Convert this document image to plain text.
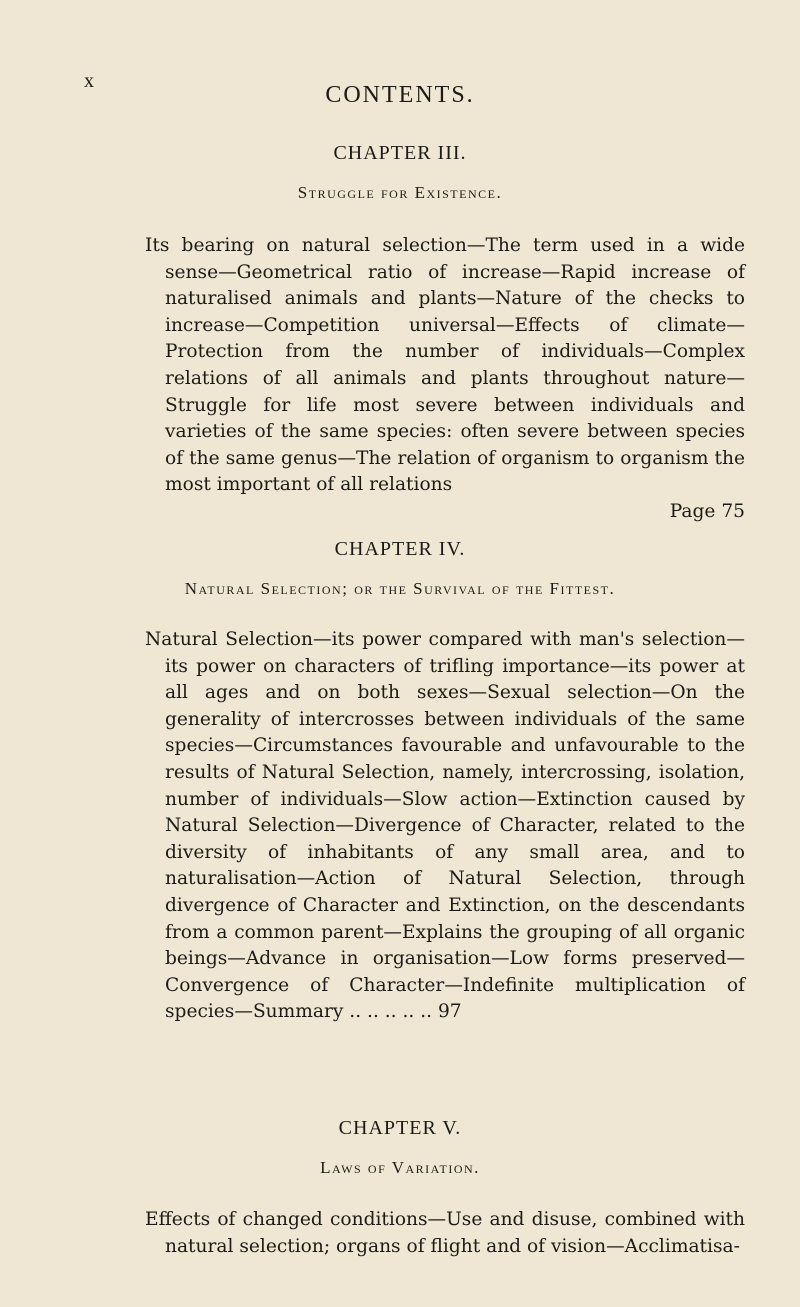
x
CONTENTS.

CHAPTER III.

Struggle for Existence.

Its bearing on natural selection—The term used in a wide sense—Geometrical ratio of increase—Rapid increase of naturalised animals and plants—Nature of the checks to increase—Competition universal—Effects of climate—Protection from the number of individuals—Complex relations of all animals and plants throughout nature—Struggle for life most severe between individuals and varieties of the same species: often severe between species of the same genus—The relation of organism to organism the most important of all relations
Page 75

CHAPTER IV.

Natural Selection; or the Survival of the Fittest.

Natural Selection—its power compared with man's selection—its power on characters of trifling importance—its power at all ages and on both sexes—Sexual selection—On the generality of intercrosses between individuals of the same species—Circumstances favourable and unfavourable to the results of Natural Selection, namely, intercrossing, isolation, number of individuals—Slow action—Extinction caused by Natural Selection—Divergence of Character, related to the diversity of inhabitants of any small area, and to naturalisation—Action of Natural Selection, through divergence of Character and Extinction, on the descendants from a common parent—Explains the grouping of all organic beings—Advance in organisation—Low forms preserved—Convergence of Character—Indefinite multiplication of species—Summary .. .. .. .. .. 97

CHAPTER V.

Laws of Variation.

Effects of changed conditions—Use and disuse, combined with natural selection; organs of flight and of vision—Acclimatisa-
